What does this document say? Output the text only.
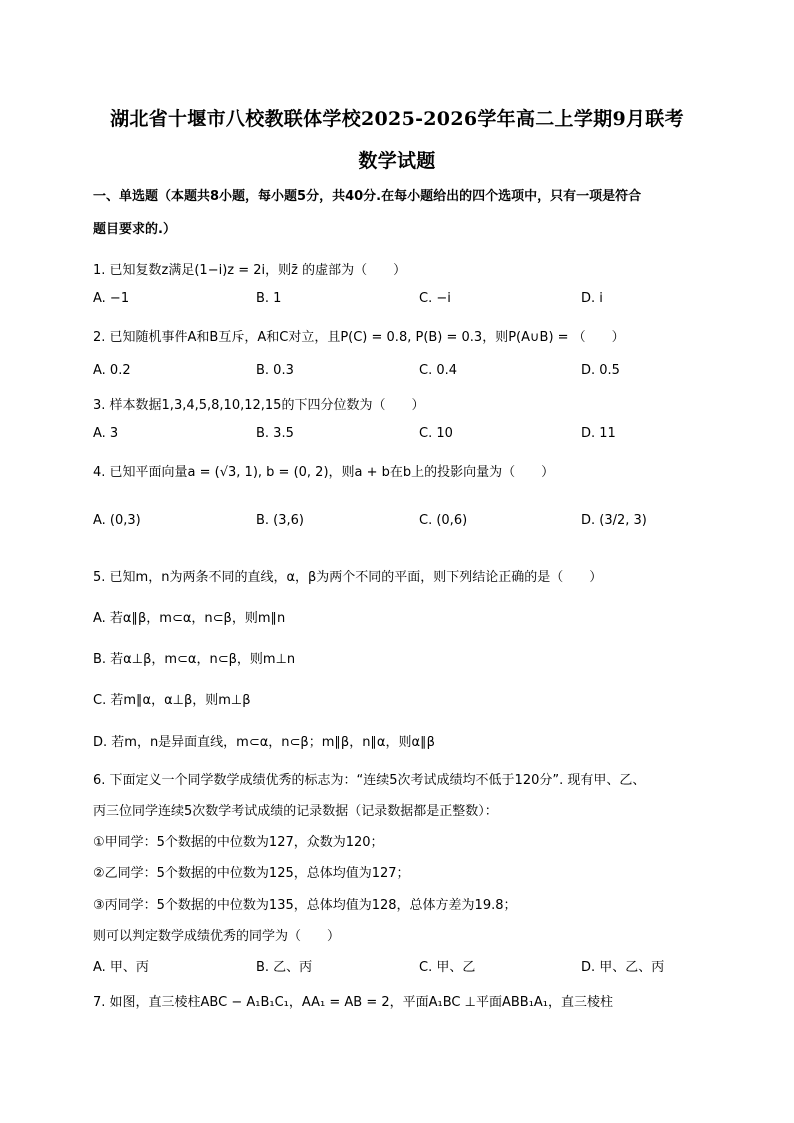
湖北省十堰市八校教联体学校2025-2026学年高二上学期9月联考
数学试题
一、单选题（本题共8小题，每小题5分，共40分.在每小题给出的四个选项中，只有一项是符合
题目要求的.）
1. 已知复数z满足(1−i)z = 2i，则z̄ 的虚部为（　　）
A. −1	B. 1	C. −i	D. i
2. 已知随机事件A和B互斥，A和C对立，且P(C) = 0.8, P(B) = 0.3，则P(A∪B) = （　　）
A. 0.2	B. 0.3	C. 0.4	D. 0.5
3. 样本数据1,3,4,5,8,10,12,15的下四分位数为（　　）
A. 3	B. 3.5	C. 10	D. 11
4. 已知平面向量a = (√3, 1), b = (0, 2)，则a + b在b上的投影向量为（　　）
A. (0,3)	B. (3,6)	C. (0,6)	D. (3/2, 3)
5. 已知m，n为两条不同的直线，α，β为两个不同的平面，则下列结论正确的是（　　）
A. 若α∥β，m⊂α，n⊂β，则m∥n
B. 若α⊥β，m⊂α，n⊂β，则m⊥n
C. 若m∥α，α⊥β，则m⊥β
D. 若m，n是异面直线，m⊂α，n⊂β；m∥β，n∥α，则α∥β
6. 下面定义一个同学数学成绩优秀的标志为：“连续5次考试成绩均不低于120分”. 现有甲、乙、
丙三位同学连续5次数学考试成绩的记录数据（记录数据都是正整数）：
①甲同学：5个数据的中位数为127，众数为120；
②乙同学：5个数据的中位数为125，总体均值为127；
③丙同学：5个数据的中位数为135，总体均值为128，总体方差为19.8；
则可以判定数学成绩优秀的同学为（　　）
A. 甲、丙	B. 乙、丙	C. 甲、乙	D. 甲、乙、丙
7. 如图，直三棱柱ABC − A₁B₁C₁，AA₁ = AB = 2，平面A₁BC ⊥平面ABB₁A₁，直三棱柱
